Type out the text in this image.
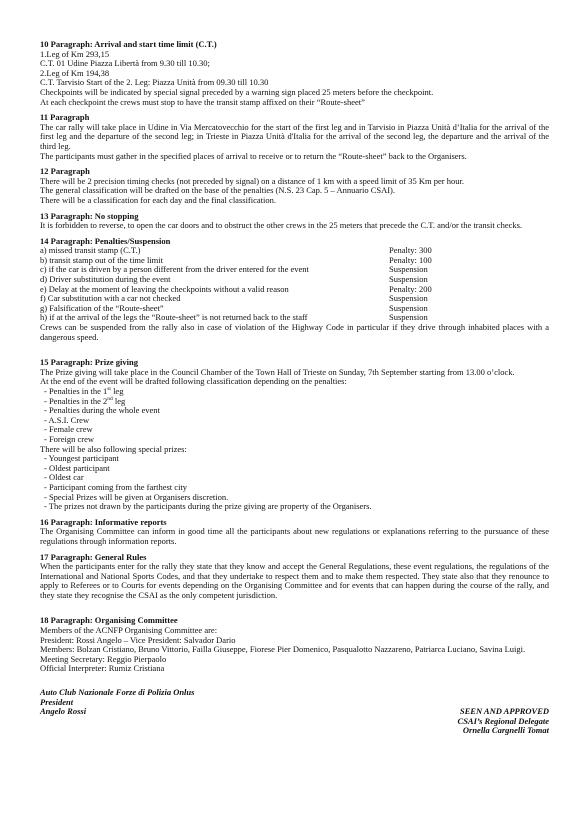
10 Paragraph: Arrival and start time limit (C.T.)

1.Leg of Km 293,15

C.T. 01 Udine Piazza Libertà from 9.30 till 10.30;

2.Leg of Km 194,38

C.T. Tarvisio Start of the 2. Leg: Piazza Unità from 09.30 till 10.30

Checkpoints will be indicated by special signal preceded by a warning sign placed 25 meters before the checkpoint.

At each checkpoint the crews must stop to have the transit stamp affixed on their “Route-sheet”

11 Paragraph

The car rally will take place in Udine in Via Mercatovecchio for the start of the first leg and in Tarvisio in Piazza Unità d’Italia for the arrival of the first leg and the departure of the second leg; in Trieste in Piazza Unità d'Italia for the arrival of the second leg, the departure and the arrival of the third leg.

The participants must gather in the specified places of arrival to receive or to return the “Route-sheet” back to the Organisers.

12 Paragraph

There will be 2 precision timing checks (not preceded by signal) on a distance of 1 km with a speed limit of 35 Km per hour.

The general classification will be drafted on the base of the penalties (N.S. 23 Cap. 5 – Annuario CSAI).

There will be a classification for each day and the final classification.

13 Paragraph: No stopping

It is forbidden to reverse, to open the car doors and to obstruct the other crews in the 25 meters that precede the C.T. and/or the transit checks.

14 Paragraph: Penalties/Suspension

a) missed transit stamp (C.T.)	Penalty: 300
b) transit stamp out of the time limit	Penalty: 100
c) if the car is driven by a person different from the driver entered for the event	Suspension
d) Driver substitution during the event	Suspension
e) Delay at the moment of leaving the checkpoints without a valid reason	Penalty: 200
f) Car substitution with a car not checked	Suspension
g) Falsification of the “Route-sheet”	Suspension
h) if at the arrival of the legs the “Route-sheet” is not returned back to the staff	Suspension

Crews can be suspended from the rally also in case of violation of the Highway Code in particular if they drive through inhabited places with a dangerous speed.

15 Paragraph: Prize giving

The Prize giving will take place in the Council Chamber of the Town Hall of Trieste on Sunday, 7th September starting from 13.00 o’clock.

At the end of the event will be drafted following classification depending on the penalties:

- Penalties in the 1st leg

- Penalties in the 2nd leg

- Penalties during the whole event

- A.S.I. Crew

- Female crew

- Foreign crew

There will be also following special prizes:

- Youngest participant

- Oldest participant

- Oldest car

- Participant coming from the farthest city

- Special Prizes will be given at Organisers discretion.

- The prizes not drawn by the participants during the prize giving are property of the Organisers.

16 Paragraph: Informative reports

The Organising Committee can inform in good time all the participants about new regulations or explanations referring to the pursuance of these regulations through information reports.

17 Paragraph: General Rules

When the participants enter for the rally they state that they know and accept the General Regulations, these event regulations, the regulations of the International and National Sports Codes, and that they undertake to respect them and to make them respected. They state also that they renounce to apply to Referees or to Courts for events depending on the Organising Committee and for events that can happen during the course of the rally, and they state they recognise the CSAI as the only competent jurisdiction.

18 Paragraph: Organising Committee

Members of the ACNFP Organising Committee are:

President: Rossi Angelo – Vice President: Salvador Dario

Members: Bolzan Cristiano, Bruno Vittorio, Failla Giuseppe, Fiorese Pier Domenico, Pasqualotto Nazzareno, Patriarca Luciano, Savina Luigi.

Meeting Secretary: Reggio Pierpaolo

Official Interpreter: Rumiz Cristiana

Auto Club Nazionale Forze di Polizia Onlus

President

Angelo Rossi	SEEN AND APPROVED

CSAI’s Regional Delegate

Ornella Cargnelli Tomat
